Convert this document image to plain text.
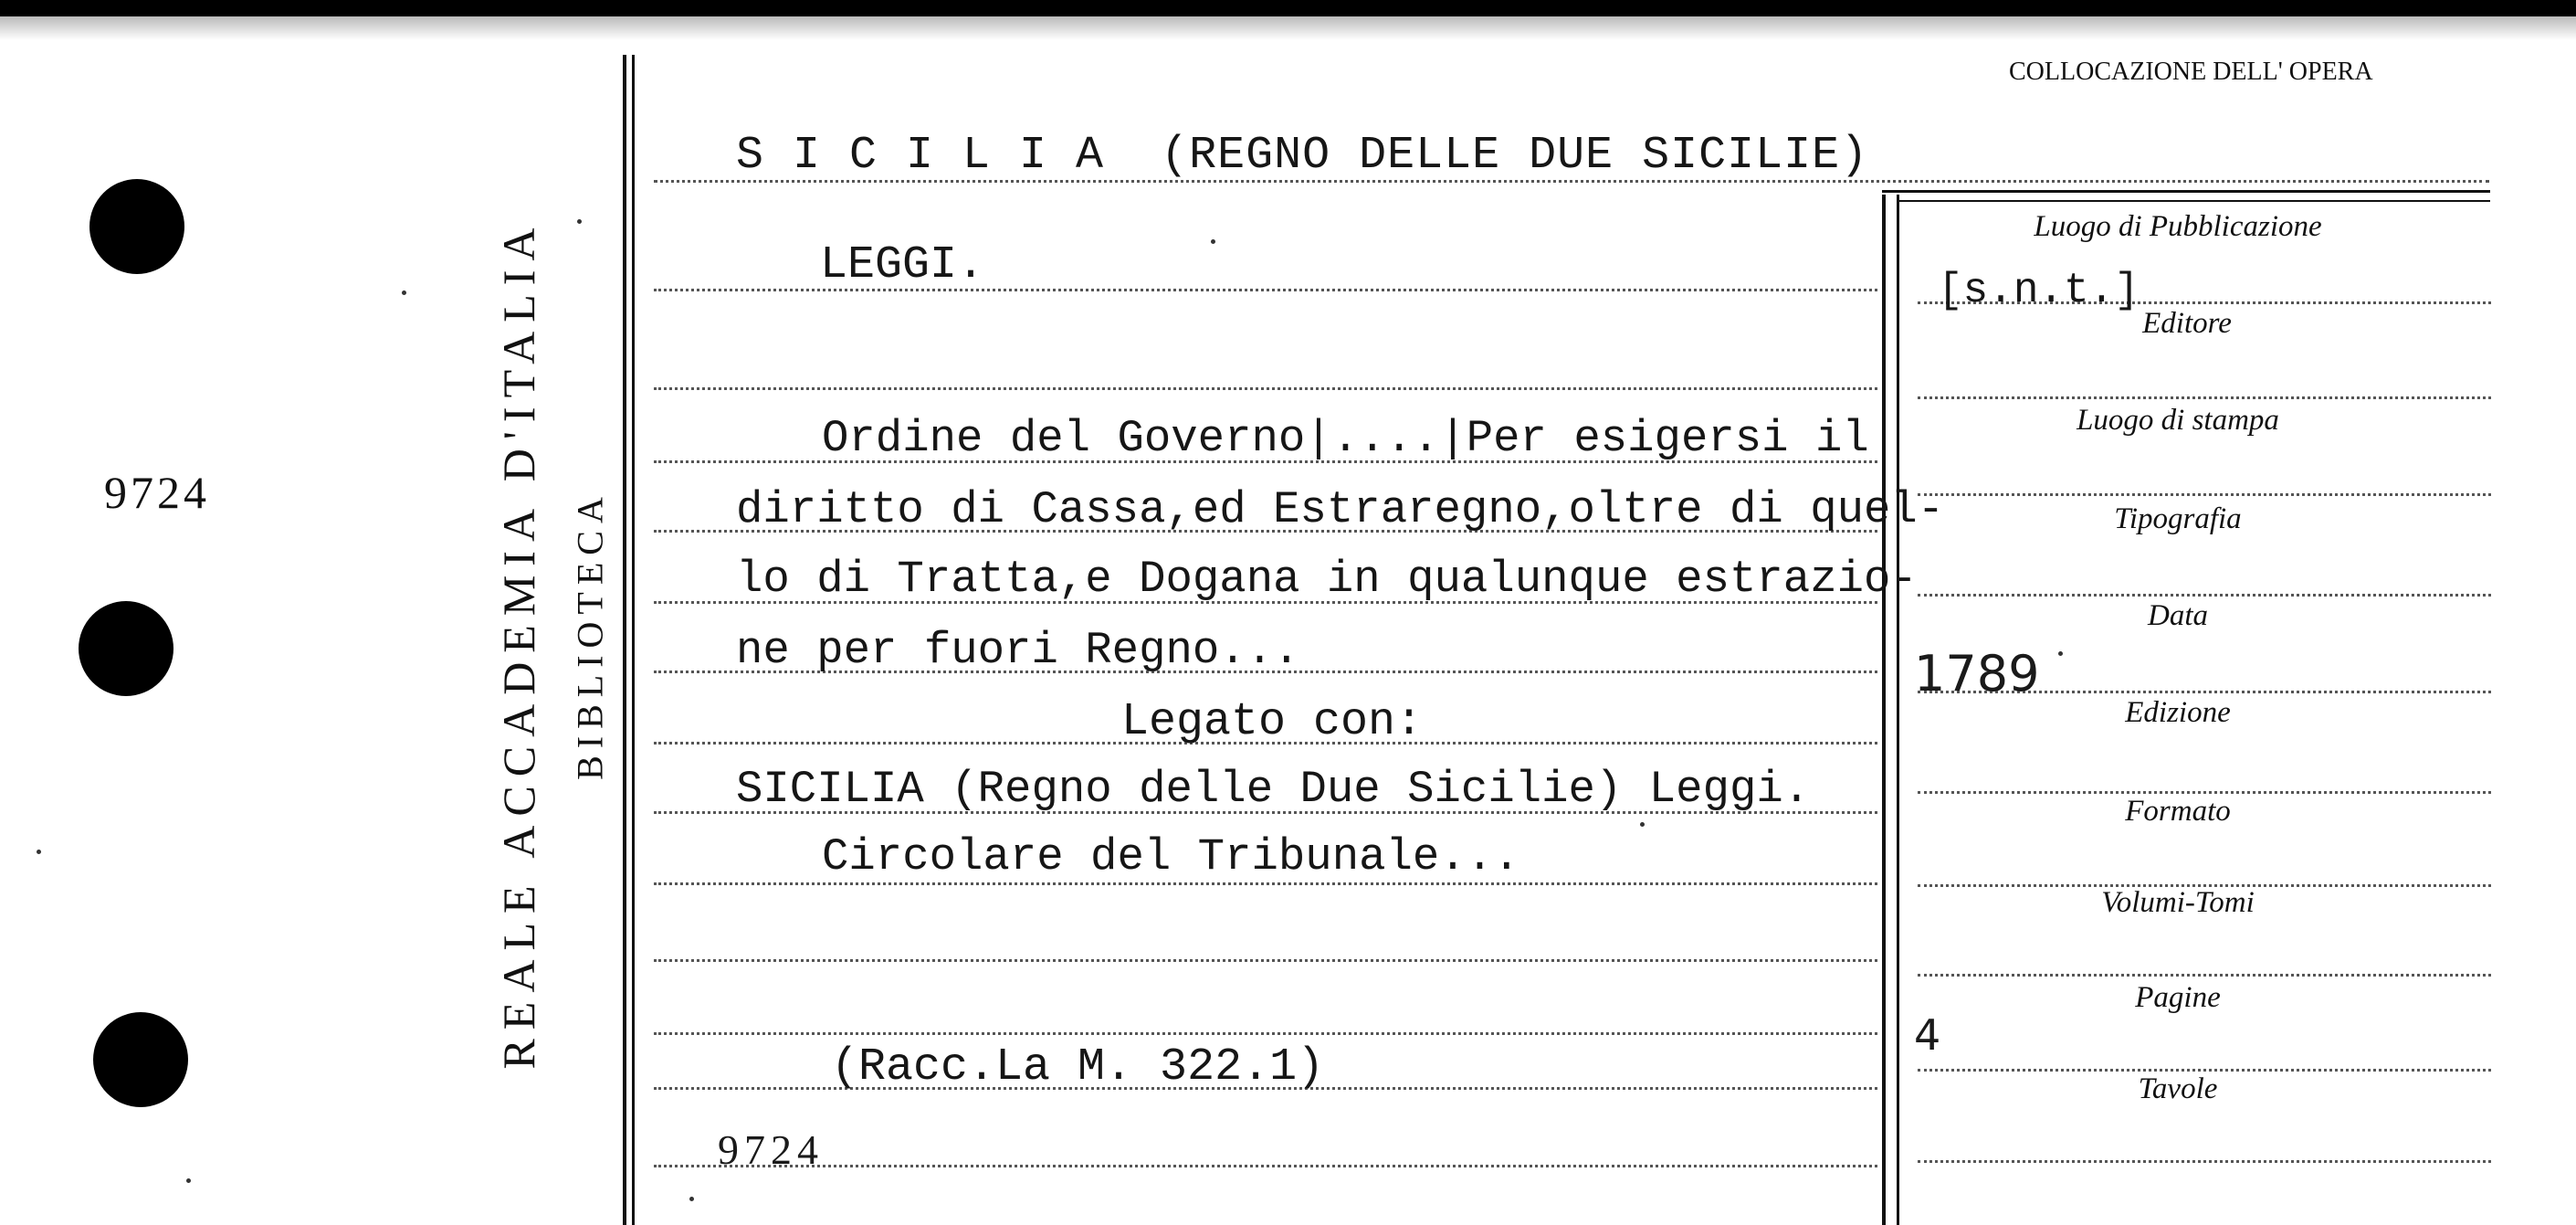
9724	REALE ACCADEMIA D'ITALIA BIBLIOTECA
COLLOCAZIONE DELL' OPERA
S I C I L I A  (REGNO DELLE DUE SICILIE)
LEGGI.
Ordine del Governo|....|Per esigersi il
diritto di Cassa,ed Estraregno,oltre di quel-
lo di Tratta,e Dogana in qualunque estrazio-
ne per fuori Regno...
Legato con:
SICILIA (Regno delle Due Sicilie) Leggi.
Circolare del Tribunale...
(Racc.La M. 322.1)
9724
Luogo di Pubblicazione
Editore
Luogo di stampa
Tipografia
Data
Edizione
Formato
Volumi-Tomi
Pagine
Tavole
[s.n.t.]
1789
4
